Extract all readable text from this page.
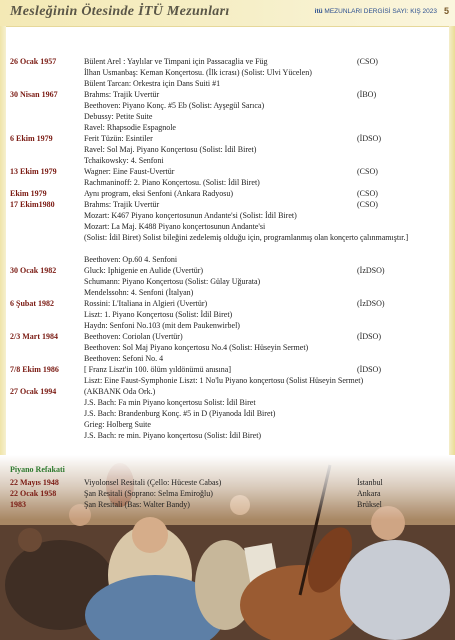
Mesleğinin Ötesinde İTÜ Mezunları	itü MEZUNLARI DERGİSİ SAYI: KIŞ 2023 5
26 Ocak 1957	Bülent Arel : Yaylılar ve Timpani için Passacaglia ve Füg	(CSO)
İlhan Usmanbaş: Keman Konçertosu. (İlk icrası) (Solist: Ulvi Yücelen)
Bülent Tarcan: Orkestra için Dans Suiti #1
30 Nisan 1967	Brahms: Trajik Uvertür	(İBO)
Beethoven: Piyano Konç. #5 Eb (Solist: Ayşegül Sarıca)
Debussy: Petite Suite
Ravel: Rhapsodie Espagnole
6 Ekim 1979	Ferit Tüzün: Esintiler	(İDSO)
Ravel: Sol Maj. Piyano Konçertosu (Solist: İdil Biret)
Tchaikowsky: 4. Senfoni
13 Ekim 1979	Wagner: Eine Faust-Uvertür	(CSO)
Rachmaninoff: 2. Piano Konçertosu. (Solist: İdil Biret)
Ekim 1979	Aynı program, eksi Senfoni (Ankara Radyosu)	(CSO)
17 Ekim1980	Brahms: Trajik Uvertür	(CSO)
Mozart: K467 Piyano konçertosunun Andante'si (Solist: İdil Biret)
Mozart: La Maj. K488 Piyano konçertosunun Andante'si
(Solist: İdil Biret) Solist bileğini zedelemiş olduğu için, programlanmış olan konçerto çalınmamıştır.]
Beethoven: Op.60 4. Senfoni
30 Ocak 1982	Gluck: Iphigenie en Aulide (Uvertür)	(İzDSO)
Schumann: Piyano Konçertosu (Solist: Gülay Uğurata)
Mendelssohn: 4. Senfoni (İtalyan)
6 Şubat 1982	Rossini: L'Italiana in Algieri (Uvertür)	(İzDSO)
Liszt: 1. Piyano Konçertosu (Solist: İdil Biret)
Haydn: Senfoni No.103 (mit dem Paukenwirbel)
2/3 Mart 1984	Beethoven: Coriolan (Uvertür)	(İDSO)
Beethoven: Sol Maj Piyano konçertosu No.4 (Solist: Hüseyin Sermet)
Beethoven: Sefoni No. 4
7/8 Ekim 1986	[ Franz Liszt'in 100. ölüm yıldönümü anısına]	(İDSO)
Liszt: Eine Faust-Symphonie Liszt: 1 No'lu Piyano konçertosu (Solist Hüseyin Sermet)
27 Ocak 1994	(AKBANK Oda Ork.)
J.S. Bach: Fa min Piyano konçertosu Solist: İdil Biret
J.S. Bach: Brandenburg Konç. #5 in D (Piyanoda İdil Biret)
Grieg: Holberg Suite
J.S. Bach: re min. Piyano konçertosu (Solist: İdil Biret)
Piyano Refakati
22 Mayıs 1948	Viyolonsel Resitali (Çello: Hüceste Cabas)	İstanbul
22 Ocak 1958	Şan Resitali (Soprano: Selma Emiroğlu)	Ankara
1983	Şan Resitali (Bas: Walter Bandy)	Brüksel
